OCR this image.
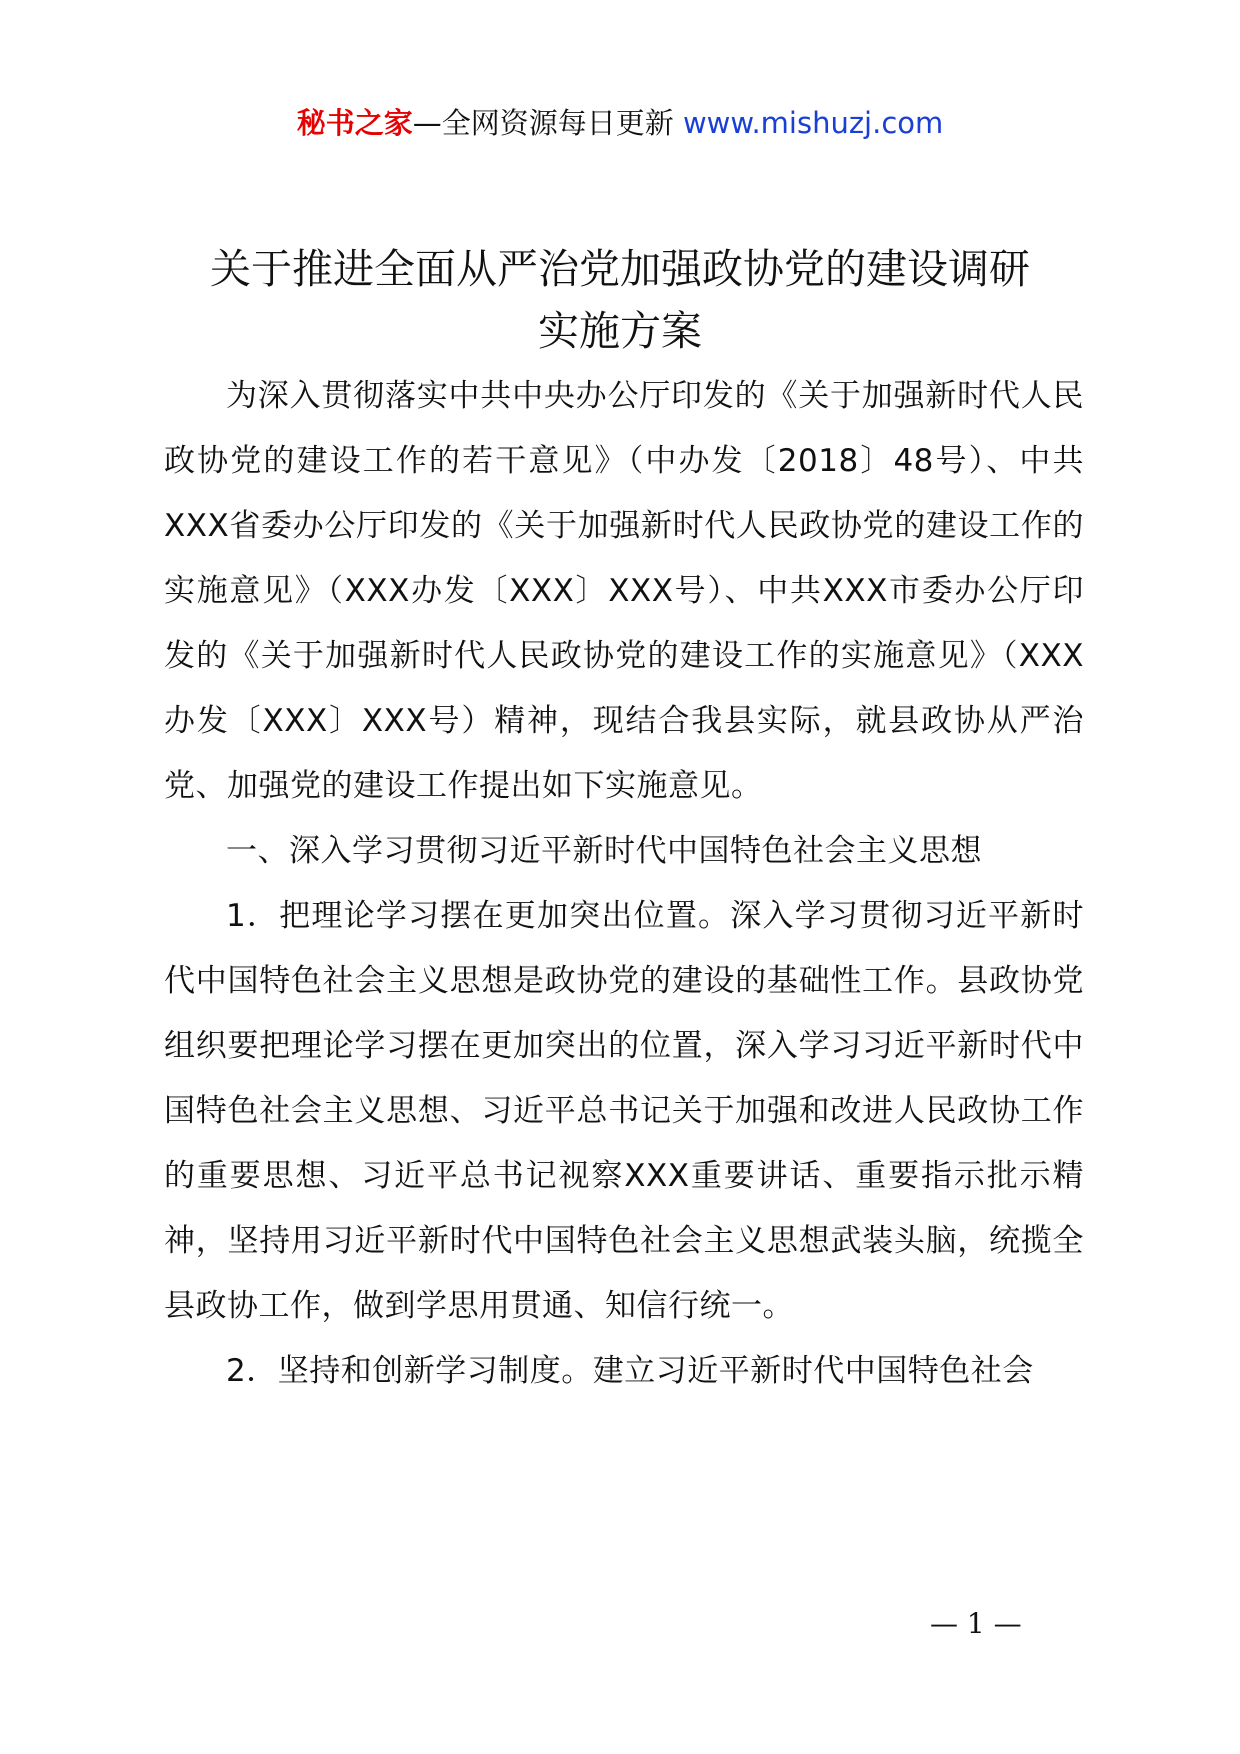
秘书之家—全网资源每日更新 www.mishuzj.com
关于推进全面从严治党加强政协党的建设调研
实施方案

为深入贯彻落实中共中央办公厅印发的《关于加强新时代人民政协党的建设工作的若干意见》（中办发〔2018〕48号）、中共XXX省委办公厅印发的《关于加强新时代人民政协党的建设工作的实施意见》（XXX办发〔XXX〕XXX号）、中共XXX市委办公厅印发的《关于加强新时代人民政协党的建设工作的实施意见》（XXX办发〔XXX〕XXX号）精神，现结合我县实际，就县政协从严治党、加强党的建设工作提出如下实施意见。

一、深入学习贯彻习近平新时代中国特色社会主义思想

1．把理论学习摆在更加突出位置。深入学习贯彻习近平新时代中国特色社会主义思想是政协党的建设的基础性工作。县政协党组织要把理论学习摆在更加突出的位置，深入学习习近平新时代中国特色社会主义思想、习近平总书记关于加强和改进人民政协工作的重要思想、习近平总书记视察XXX重要讲话、重要指示批示精神，坚持用习近平新时代中国特色社会主义思想武装头脑，统揽全县政协工作，做到学思用贯通、知信行统一。

2．坚持和创新学习制度。建立习近平新时代中国特色社会

— 1 —
